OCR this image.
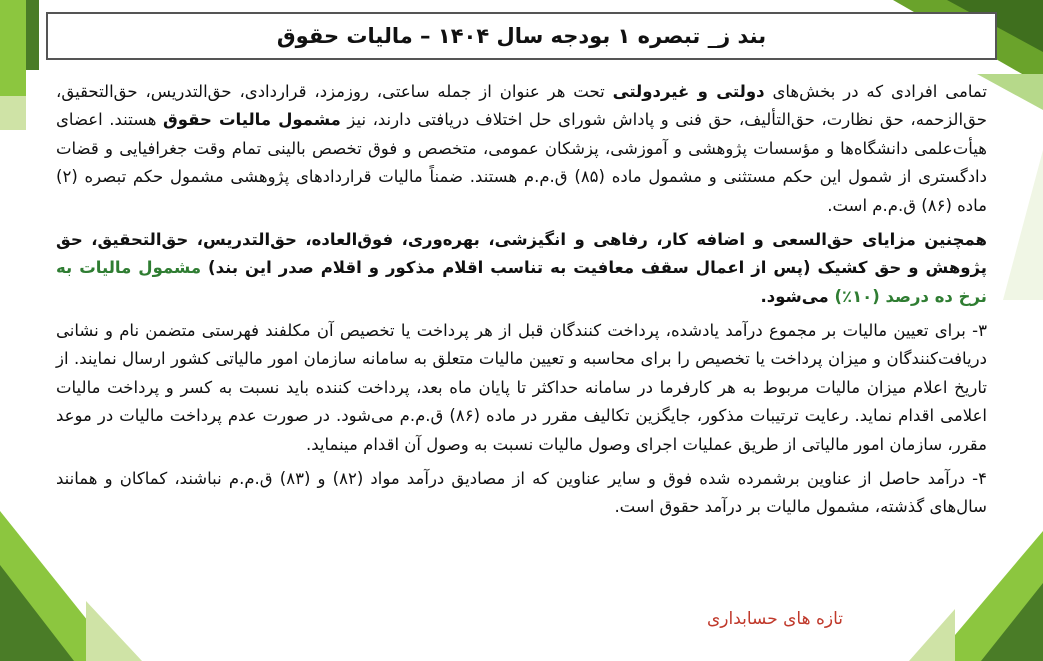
بند ز_ تبصره ۱ بودجه سال ۱۴۰۴ – مالیات حقوق

تمامی افرادی که در بخش‌های دولتی و غیردولتی تحت هر عنوان از جمله ساعتی، روزمزد، قراردادی، حق‌التدریس، حق‌التحقیق، حق‌الزحمه، حق نظارت، حق‌التألیف، حق فنی و پاداش شورای حل اختلاف دریافتی دارند، نیز مشمول مالیات حقوق هستند. اعضای هیأت‌علمی دانشگاه‌ها و مؤسسات پژوهشی و آموزشی، پزشکان عمومی، متخصص و فوق تخصص بالینی تمام وقت جغرافیایی و قضات دادگستری از شمول این حکم مستثنی و مشمول ماده (۸۵) ق.م.م هستند. ضمناً مالیات قراردادهای پژوهشی مشمول حکم تبصره (۲) ماده (۸۶) ق.م.م است.

همچنین مزایای حق‌السعی و اضافه کار، رفاهی و انگیزشی، بهره‌وری، فوق‌العاده، حق‌التدریس، حق‌التحقیق، حق پژوهش و حق کشیک (پس از اعمال سقف معافیت به تناسب اقلام مذکور و اقلام صدر این بند) مشمول مالیات به نرخ ده درصد (۱۰٪) می‌شود.

۳- برای تعیین مالیات بر مجموع درآمد یادشده، پرداخت کنندگان قبل از هر پرداخت یا تخصیص آن مکلفند فهرستی متضمن نام و نشانی دریافت‌کنندگان و میزان پرداخت یا تخصیص را برای محاسبه و تعیین مالیات متعلق به سامانه سازمان امور مالیاتی کشور ارسال نمایند. از تاریخ اعلام میزان مالیات مربوط به هر کارفرما در سامانه حداکثر تا پایان ماه بعد، پرداخت کننده باید نسبت به کسر و پرداخت مالیات اعلامی اقدام نماید. رعایت ترتیبات مذکور، جایگزین تکالیف مقرر در ماده (۸۶) ق.م.م می‌شود. در صورت عدم پرداخت مالیات در موعد مقرر، سازمان امور مالیاتی از طریق عملیات اجرای وصول مالیات نسبت به وصول آن اقدام مینماید.

۴- درآمد حاصل از عناوین برشمرده شده فوق و سایر عناوین که از مصادیق درآمد مواد (۸۲) و (۸۳) ق.م.م نباشند، کماکان و همانند سال‌های گذشته، مشمول مالیات بر درآمد حقوق است.

تازه های حسابداری
